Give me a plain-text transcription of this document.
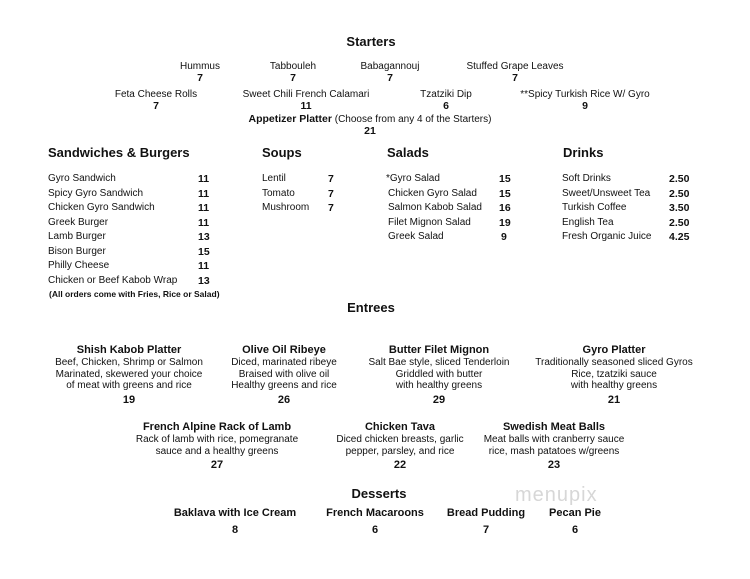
Starters
Hummus
7
Tabbouleh
7
Babagannouj
7
Stuffed Grape Leaves
7
Feta Cheese Rolls
7
Sweet Chili French Calamari
11
Tzatziki Dip
6
**Spicy Turkish Rice W/ Gyro
9
Appetizer Platter (Choose from any 4 of the Starters)
21
Sandwiches & Burgers
Gyro Sandwich	11
Spicy Gyro Sandwich	11
Chicken Gyro Sandwich	11
Greek Burger	11
Lamb Burger	13
Bison Burger	15
Philly Cheese	11
Chicken or Beef Kabob Wrap 13
(All orders come with Fries, Rice or Salad)
Soups
Lentil	7
Tomato	7
Mushroom 7
Salads
*Gyro Salad	15
Chicken Gyro Salad 15
Salmon Kabob Salad 16
Filet Mignon Salad	19
Greek Salad	9
Drinks
Soft Drinks	2.50
Sweet/Unsweet Tea 2.50
Turkish Coffee	3.50
English Tea	2.50
Fresh Organic Juice 4.25
Entrees
Shish Kabob Platter
Beef, Chicken, Shrimp or Salmon
Marinated, skewered your choice
of meat with greens and rice
19
Olive Oil Ribeye
Diced, marinated ribeye
Braised with olive oil
Healthy greens and rice
26
Butter Filet Mignon
Salt Bae style, sliced Tenderloin
Griddled with butter
with healthy greens
29
Gyro Platter
Traditionally seasoned sliced Gyros
Rice, tzatziki sauce
with healthy greens
21
French Alpine Rack of Lamb
Rack of lamb with rice, pomegranate
sauce and a healthy greens
27
Chicken Tava
Diced chicken breasts, garlic
pepper, parsley, and rice
22
Swedish Meat Balls
Meat balls with cranberry sauce
rice, mash patatoes w/greens
23
Desserts
Baklava with Ice Cream
8
French Macaroons
6
Bread Pudding
7
Pecan Pie
6
menupix
